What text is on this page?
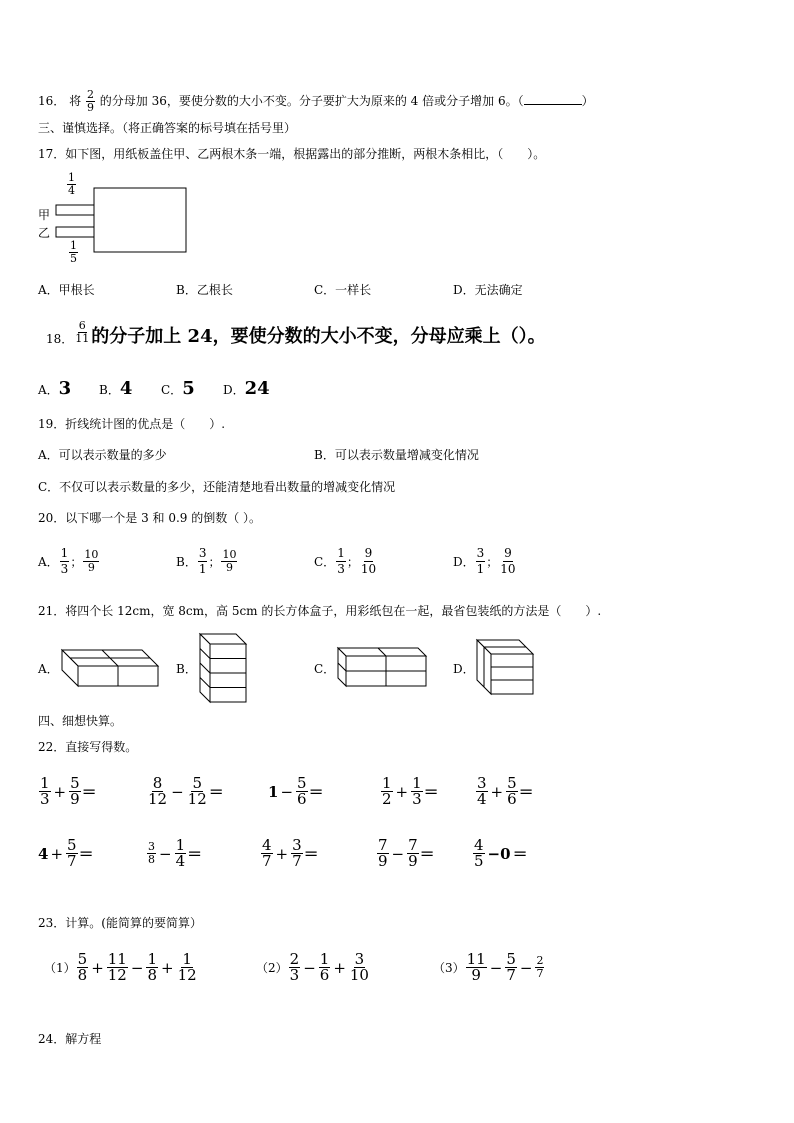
16． 将 $\frac{2}{9}$ 的分母加 36，要使分数的大小不变。分子要扩大为原来的 4 倍或分子增加 6。（	）
三、谨慎选择。（将正确答案的标号填在括号里）
17．如下图，用纸板盖住甲、乙两根木条一端，根据露出的部分推断，两根木条相比，（　　）。
$\frac{1}{4}$
甲
乙
$\frac{1}{5}$
A．甲根长	B．乙根长	C．一样长	D．无法确定
18． $\frac{6}{11}$ 的分子加上 24，要使分数的大小不变，分母应乘上（）。
A．3 B．4 C．5 D．24
19．折线统计图的优点是（　　）.
A．可以表示数量的多少	B．可以表示数量增减变化情况
C．不仅可以表示数量的多少，还能清楚地看出数量的增减变化情况
20．以下哪一个是 3 和 0.9 的倒数（ ）。
A． $\frac{1}{3}$ ； $\frac{10}{9}$	B． $\frac{3}{1}$ ； $\frac{10}{9}$	C． $\frac{1}{3}$ ； $\frac{9}{10}$	D． $\frac{3}{1}$ ； $\frac{9}{10}$
21．将四个长 12cm，宽 8cm，高 5cm 的长方体盒子，用彩纸包在一起，最省包装纸的方法是（　　）.
A．	B．	C．	D．
四、细想快算。
22．直接写得数。
$\frac{1}{3} + \frac{5}{9}$ ＝	$\frac{8}{12} - \frac{5}{12}$ ＝	$1 - \frac{5}{6}$ ＝	$\frac{1}{2} + \frac{1}{3} = \frac{3}{4} + \frac{5}{6}$ ＝
$4 + \frac{5}{7}$ ＝	$\frac{3}{8} - \frac{1}{4}$ ＝	$\frac{4}{7} + \frac{3}{7}$ ＝	$\frac{7}{9} - \frac{7}{9}$ ＝	$\frac{4}{5} -0$ ＝
23．计算。(能简算的要简算）
$(1) \frac{5}{8} + \frac{11}{12} - \frac{1}{8} + \frac{1}{12}$	$(2) \frac{2}{3} - \frac{1}{6} + \frac{3}{10}$	$(3) \frac{11}{9} - \frac{5}{7} - \frac{2}{7}$
24．解方程
